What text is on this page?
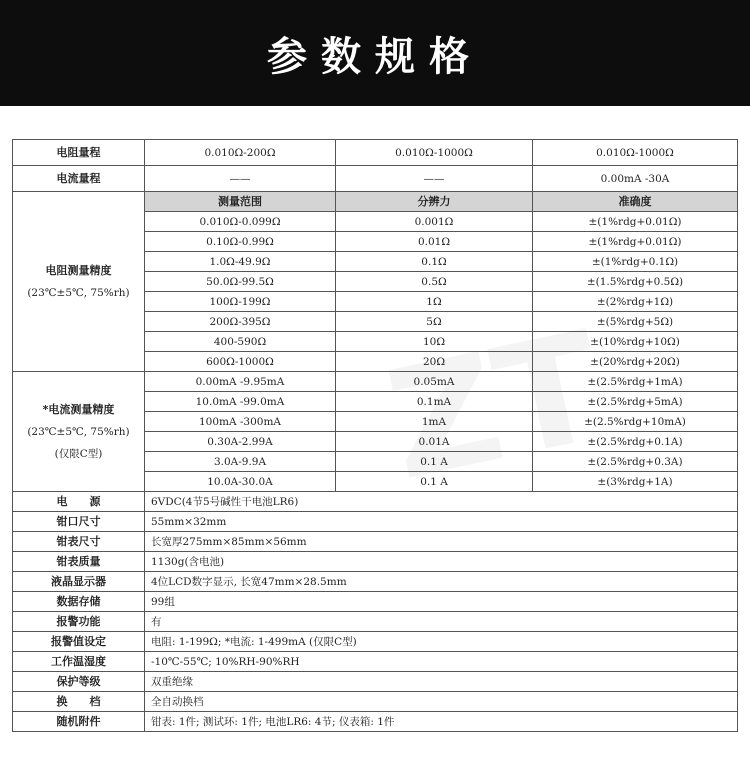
参数规格
电阻量程	0.010Ω-200Ω	0.010Ω-1000Ω	0.010Ω-1000Ω
电流量程	——	——	0.00mA -30A

电阻测量精度
(23℃±5℃, 75%rh)	测量范围	分辨力	准确度
	0.010Ω-0.099Ω	0.001Ω	±(1%rdg+0.01Ω)
	0.10Ω-0.99Ω	0.01Ω	±(1%rdg+0.01Ω)
	1.0Ω-49.9Ω	0.1Ω	±(1%rdg+0.1Ω)
	50.0Ω-99.5Ω	0.5Ω	±(1.5%rdg+0.5Ω)
	100Ω-199Ω	1Ω	±(2%rdg+1Ω)
	200Ω-395Ω	5Ω	±(5%rdg+5Ω)
	400-590Ω	10Ω	±(10%rdg+10Ω)
	600Ω-1000Ω	20Ω	±(20%rdg+20Ω)

*电流测量精度
(23℃±5℃, 75%rh)
(仅限C型)	0.00mA -9.95mA	0.05mA	±(2.5%rdg+1mA)
	10.0mA -99.0mA	0.1mA	±(2.5%rdg+5mA)
	100mA -300mA	1mA	±(2.5%rdg+10mA)
	0.30A-2.99A	0.01A	±(2.5%rdg+0.1A)
	3.0A-9.9A	0.1 A	±(2.5%rdg+0.3A)
	10.0A-30.0A	0.1 A	±(3%rdg+1A)
电　　源	6VDC(4节5号碱性干电池LR6)		
钳口尺寸	55mm×32mm		
钳表尺寸	长宽厚275mm×85mm×56mm		
钳表质量	1130g(含电池)		
液晶显示器	4位LCD数字显示, 长宽47mm×28.5mm		
数据存储	99组		
报警功能	有		
报警值设定	电阻: 1-199Ω; *电流: 1-499mA (仅限C型)		
工作温湿度	-10℃-55℃; 10%RH-90%RH		
保护等级	双重绝缘		
换　　档	全自动换档		
随机附件	钳表: 1件; 测试环: 1件; 电池LR6: 4节; 仪表箱: 1件		
